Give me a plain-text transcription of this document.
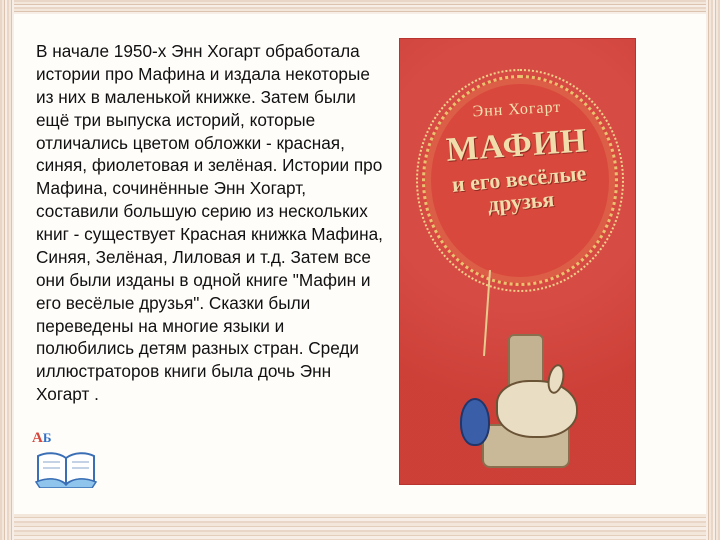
В начале 1950-х Энн Хогарт обработала истории про Мафина и издала некоторые из них в маленькой книжке. Затем были ещё три выпуска историй, которые отличались цветом обложки - красная, синяя, фиолетовая и зелёная. Истории про Мафина, сочинённые Энн Хогарт, составили большую серию из нескольких книг - существует Красная книжка Мафина, Синяя, Зелёная, Лиловая и т.д. Затем все они были изданы в одной книге "Мафин и его весёлые друзья". Сказки были переведены на многие языки и полюбились детям разных стран. Среди иллюстраторов книги была дочь Энн Хогарт .
Энн Хогарт
МАФИН
и его весёлые друзья
АБ
